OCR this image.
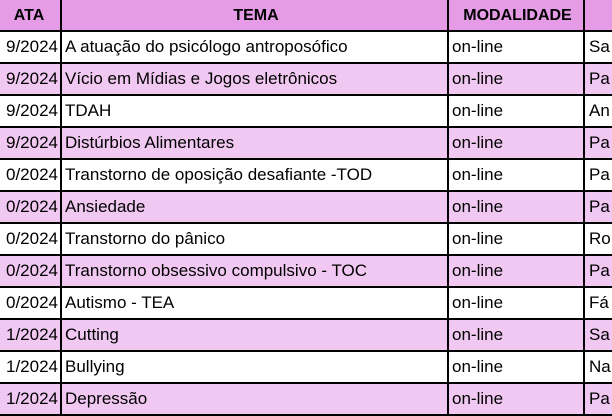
ATA	TEMA	MODALIDADE
9/2024 A atuação do psicólogo antroposófico	on-line	Sa
9/2024 Vício em Mídias e Jogos eletrônicos	on-line	Pa
9/2024 TDAH	on-line	An
9/2024 Distúrbios Alimentares	on-line	Pa
0/2024 Transtorno de oposição desafiante -TOD	on-line	Pa
0/2024 Ansiedade	on-line	Pa
0/2024 Transtorno do pânico	on-line	Ro
0/2024 Transtorno obsessivo compulsivo - TOC	on-line	Pa
0/2024 Autismo - TEA	on-line	Fá
1/2024 Cutting	on-line	Sa
1/2024 Bullying	on-line	Na
1/2024 Depressão	on-line	Pa
